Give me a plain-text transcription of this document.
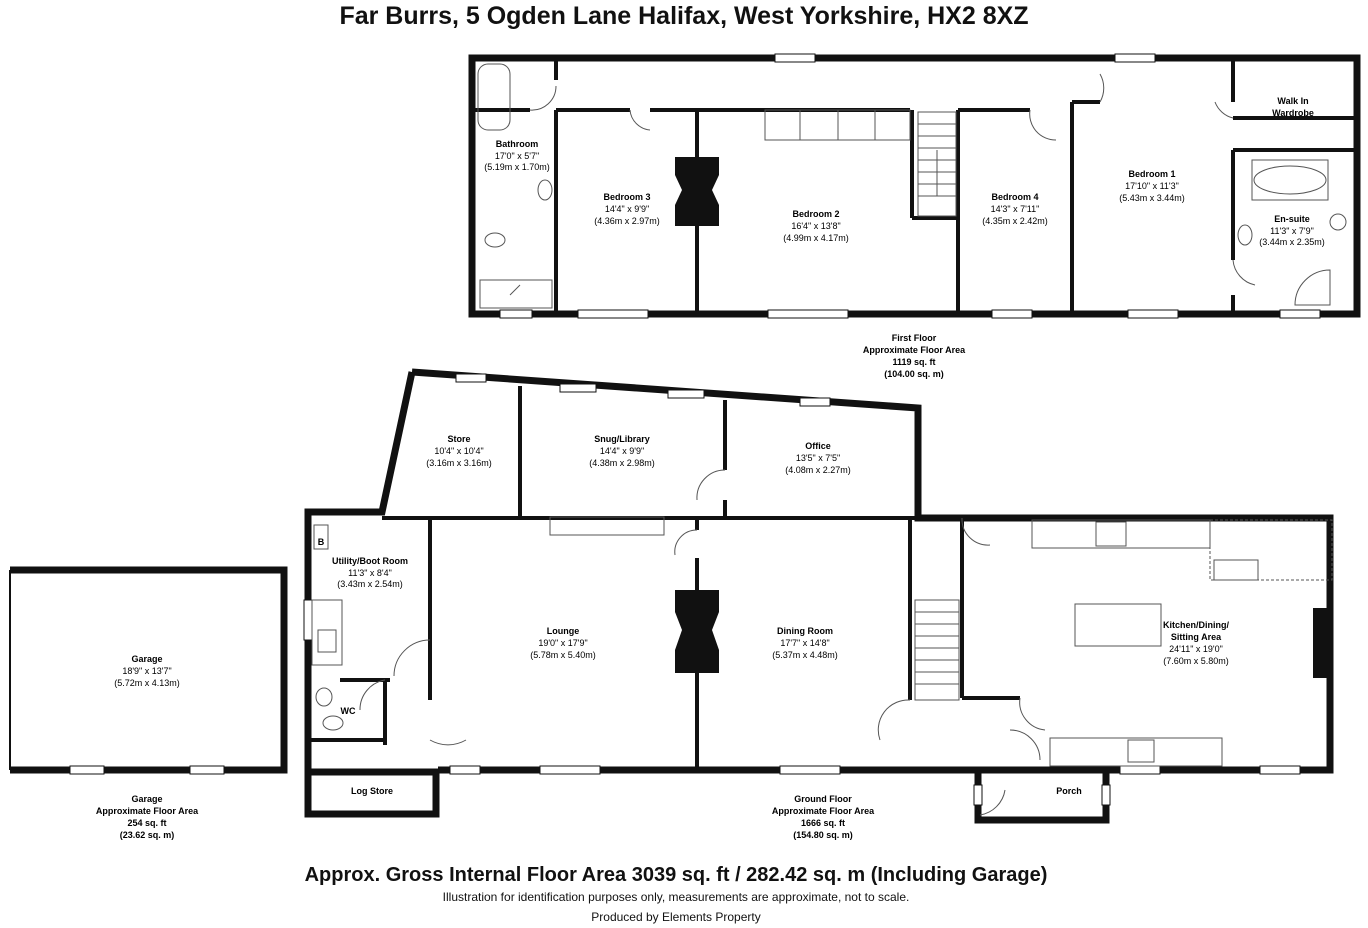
Far Burrs, 5 Ogden Lane Halifax, West Yorkshire, HX2 8XZ
Bathroom
17'0" x 5'7"
(5.19m x 1.70m)
Bedroom 3
14'4" x 9'9"
(4.36m x 2.97m)
Bedroom 2
16'4" x 13'8"
(4.99m x 4.17m)
Bedroom 4
14'3" x 7'11"
(4.35m x 2.42m)
Bedroom 1
17'10" x 11'3"
(5.43m x 3.44m)
Walk In
Wardrobe
En-suite
11'3" x 7'9"
(3.44m x 2.35m)
Store
10'4" x 10'4"
(3.16m x 3.16m)
Snug/Library
14'4" x 9'9"
(4.38m x 2.98m)
Office
13'5" x 7'5"
(4.08m x 2.27m)
Utility/Boot Room
11'3" x 8'4"
(3.43m x 2.54m)
Lounge
19'0" x 17'9"
(5.78m x 5.40m)
Dining Room
17'7" x 14'8"
(5.37m x 4.48m)
Kitchen/Dining/
Sitting Area
24'11" x 19'0"
(7.60m x 5.80m)
Garage
18'9" x 13'7"
(5.72m x 4.13m)
WC
Log Store	Porch
B
First Floor
Approximate Floor Area
1119 sq. ft
(104.00 sq. m)
Ground Floor
Approximate Floor Area
1666 sq. ft
(154.80 sq. m)
Garage
Approximate Floor Area
254 sq. ft
(23.62 sq. m)
Approx. Gross Internal Floor Area 3039 sq. ft / 282.42 sq. m (Including Garage)
Illustration for identification purposes only, measurements are approximate, not to scale.
Produced by Elements Property
